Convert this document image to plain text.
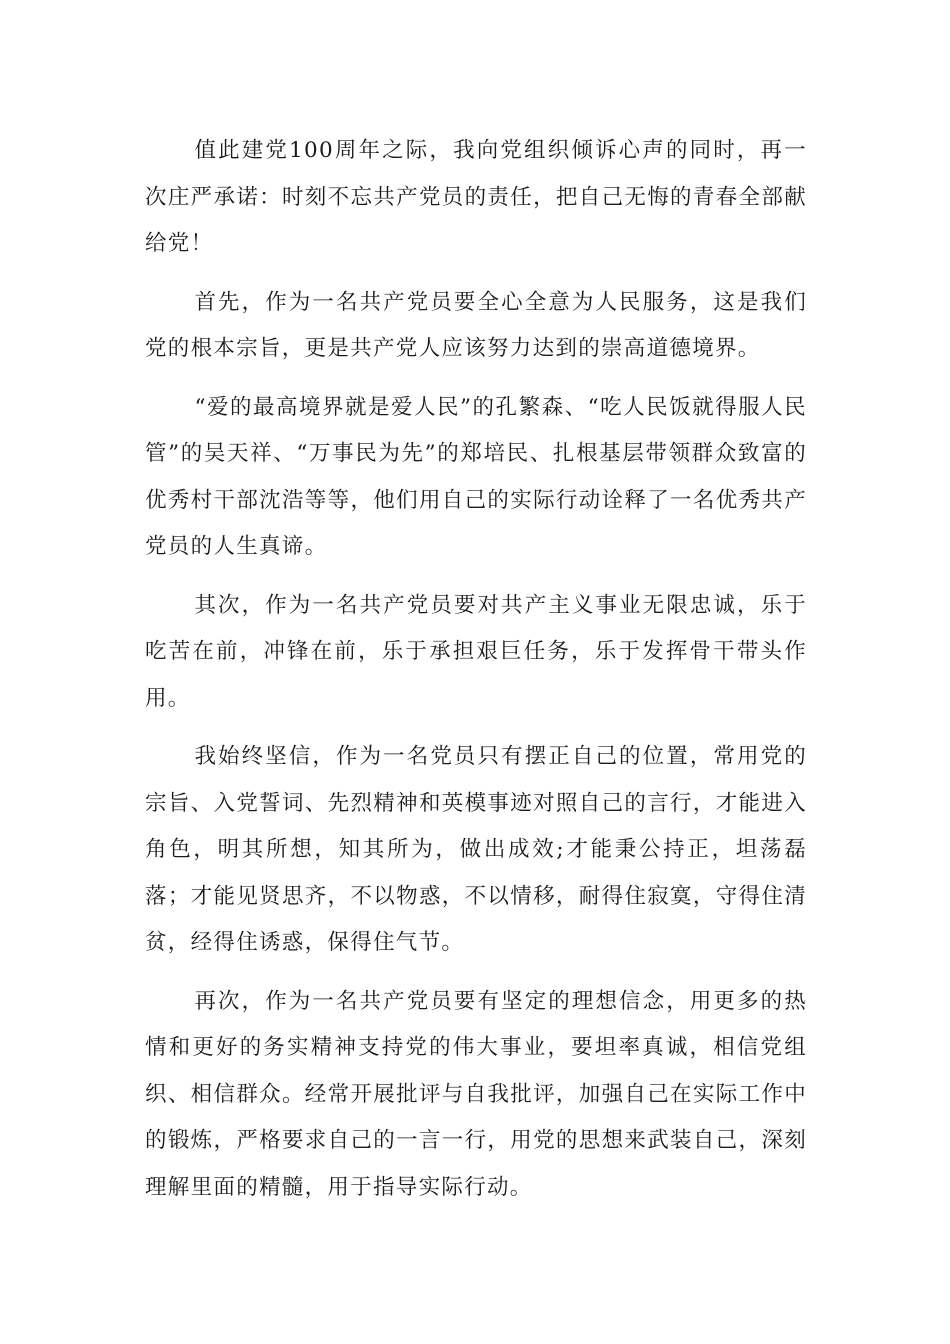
值此建党100周年之际，我向党组织倾诉心声的同时，再一次庄严承诺：时刻不忘共产党员的责任，把自己无悔的青春全部献给党！

首先，作为一名共产党员要全心全意为人民服务，这是我们党的根本宗旨，更是共产党人应该努力达到的崇高道德境界。

“爱的最高境界就是爱人民”的孔繁森、“吃人民饭就得服人民管”的吴天祥、“万事民为先”的郑培民、扎根基层带领群众致富的优秀村干部沈浩等等，他们用自己的实际行动诠释了一名优秀共产党员的人生真谛。

其次，作为一名共产党员要对共产主义事业无限忠诚，乐于吃苦在前，冲锋在前，乐于承担艰巨任务，乐于发挥骨干带头作用。

我始终坚信，作为一名党员只有摆正自己的位置，常用党的宗旨、入党誓词、先烈精神和英模事迹对照自己的言行，才能进入角色，明其所想，知其所为，做出成效;才能秉公持正，坦荡磊落；才能见贤思齐，不以物惑，不以情移，耐得住寂寞，守得住清贫，经得住诱惑，保得住气节。

再次，作为一名共产党员要有坚定的理想信念，用更多的热情和更好的务实精神支持党的伟大事业，要坦率真诚，相信党组织、相信群众。经常开展批评与自我批评，加强自己在实际工作中的锻炼，严格要求自己的一言一行，用党的思想来武装自己，深刻理解里面的精髓，用于指导实际行动。
